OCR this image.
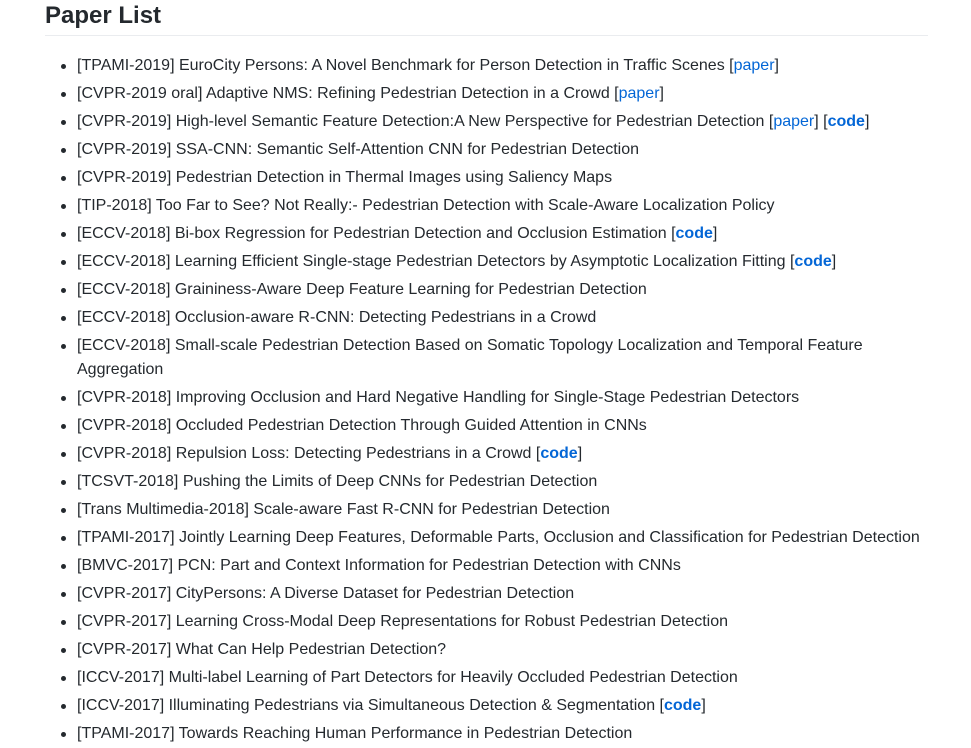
Paper List
[TPAMI-2019] EuroCity Persons: A Novel Benchmark for Person Detection in Traffic Scenes [paper]
[CVPR-2019 oral] Adaptive NMS: Refining Pedestrian Detection in a Crowd [paper]
[CVPR-2019] High-level Semantic Feature Detection:A New Perspective for Pedestrian Detection [paper] [code]
[CVPR-2019] SSA-CNN: Semantic Self-Attention CNN for Pedestrian Detection
[CVPR-2019] Pedestrian Detection in Thermal Images using Saliency Maps
[TIP-2018] Too Far to See? Not Really:- Pedestrian Detection with Scale-Aware Localization Policy
[ECCV-2018] Bi-box Regression for Pedestrian Detection and Occlusion Estimation [code]
[ECCV-2018] Learning Efficient Single-stage Pedestrian Detectors by Asymptotic Localization Fitting [code]
[ECCV-2018] Graininess-Aware Deep Feature Learning for Pedestrian Detection
[ECCV-2018] Occlusion-aware R-CNN: Detecting Pedestrians in a Crowd
[ECCV-2018] Small-scale Pedestrian Detection Based on Somatic Topology Localization and Temporal Feature Aggregation
[CVPR-2018] Improving Occlusion and Hard Negative Handling for Single-Stage Pedestrian Detectors
[CVPR-2018] Occluded Pedestrian Detection Through Guided Attention in CNNs
[CVPR-2018] Repulsion Loss: Detecting Pedestrians in a Crowd [code]
[TCSVT-2018] Pushing the Limits of Deep CNNs for Pedestrian Detection
[Trans Multimedia-2018] Scale-aware Fast R-CNN for Pedestrian Detection
[TPAMI-2017] Jointly Learning Deep Features, Deformable Parts, Occlusion and Classification for Pedestrian Detection
[BMVC-2017] PCN: Part and Context Information for Pedestrian Detection with CNNs
[CVPR-2017] CityPersons: A Diverse Dataset for Pedestrian Detection
[CVPR-2017] Learning Cross-Modal Deep Representations for Robust Pedestrian Detection
[CVPR-2017] What Can Help Pedestrian Detection?
[ICCV-2017] Multi-label Learning of Part Detectors for Heavily Occluded Pedestrian Detection
[ICCV-2017] Illuminating Pedestrians via Simultaneous Detection & Segmentation [code]
[TPAMI-2017] Towards Reaching Human Performance in Pedestrian Detection
